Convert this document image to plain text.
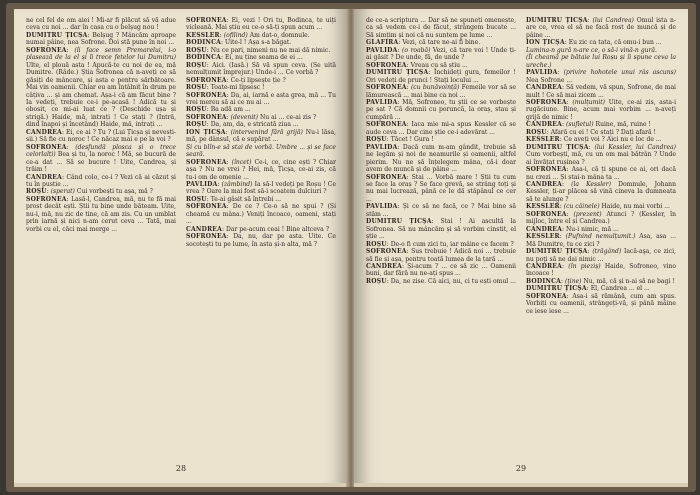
ne cel fel de om aiei ! Mi-ar fi plăcut să vă adue ceva cu noi ... dar în casa cu o belșug nou !

DUMITRU ȚICȘA: Belșug ? Mâncăm aproape numai pâine, nea Sofrone. Doi stă pune în noi ...

SOFRONEA: (îi face semn Premarelui, i-o plasează de la el și îi trece fetelor lui Dumitru) Ulte, el plouă asta ! Apucă-te cu noi de ea, mă Dumitre. (Râde.) Știa Sofronea că n-aveți ce să găsiți de mâncare, și asta e pentru sărbătoare. Mai vin oamenii. Chiar eu am întâlnit în drum pe câțiva ... și am chemat. Așa-i că am făcut bine ? Ia vedeți, trebuie ce-i pe-acasă ! Adică tu și obosit, ce mi-ai luat ce ? (Deschide ușa și strigă.) Haide, mă, intrați ! Ce stați ? (Intră, dind înapoi și încetând) Haide, mă, intrați ...

CANDREA: Ei, ce ai ? Tu ? (Lui Țicșa și nevesti-sii.) Să fie cu noroc ! Ce năcaz mai e pe la voi ?

SOFRONEA: (desfundă plosca și o trece celorlalți) Bea și tu, la noroc ! Mă, se bucură de ce-a dat ... Să se bucure ! Uite, Candrea, și trăim !

CANDREA: Când colo, ce-i ? Vezi că ai căzut și tu în pustie ...

ROȘU: (sperat) Cui vorbești tu așa, mă ?

SOFRONEA: Lasă-l, Candrea, mă, nu te fă mai prost decât ești. Știi tu bine unde băteam. Uite, nu-i, mă, nu zic de tine, că am zis. Cu un umblat prin iarnă și nici n-am cerut ceva ... Tată, mai vorbi cu el, căci mai merge ...

SOFRONEA: Ei, vezi ! Ori tu, Bodinca, te uiți vicleană. Mai știu eu ce-o să-ți spun acum ...

KESSLER: (ofilind) Am dat-o, domnule.

BODINCA: Uite-l ! Așa s-a băgat.

ROȘU: Nu ce pari, nimeni nu ne mai dă nimic.

BODINCA: Ei, nu ține seama de ei ...

ROȘU: Aici. (Iasă.) Să vă spun ceva. (Se uită nemulțumit împrejur.) Unde-i ... Ce vorbă ?

SOFRONEA: Ce-ți lipsește ție ?

ROȘU: Toate-mi lipsesc !

SOFRONEA: Da, ai, iarnă e asta grea, mă ... Tu vrei mereu să ai ce nu ai ...

ROȘU: Ba adă am ...

SOFRONEA: (devenit) Nu ai ... ce-ai zis ?

ROȘU: Da, am, da, e stricată ziua ...

ION ȚICȘA: (intervenind fără grijă) Nu-i lăsa, mă, pe dânsul, că e supărat ...

Și cu blîn-e să stai de vorbă. Umbre ... și se face seară.

SOFRONEA: (încet) Ce-i, ce, cine ești ? Chiar așa ? Nu ne vrei ? Hei, mă, Țicșa, ce-ai zis, că tu-i om de omenie ...

PAVLIDA: (zâmbind) Ia să-l vedeți pe Roșu ! Ce vrea ? Oare la mai fost să-i scoatem dulciuri ?

ROȘU: Te-ai gâsit să întrebi ...

SOFRONEA: De ce ? Ce-o să ne spui ? (Și cheamă cu mâna.) Veniți încoace, oameni, stați ...

CANDREA: Dar pe-acum ceai ! Bine altceva ?

SOFRONEA: Da, nu, dar pe asta. Uite. Ce socotești tu pe lume, în asta și-n alta, mă ?

28

de ce-a scriptura ... Dar să ne spuneți omenește, ca să vedem ce-i de făcut, strângem bucate ... Să simțim și noi că nu suntem pe lume ...

GLAFIRA: Vezi, că tare ne-ai fi bine.

PAVLIDA: (o roabă) Vezi, că tare voi ! Unde ți-ai găsit ? De unde, fă, de unde ?

SOFRONEA: Vreau cu să știu ...

DUMITRU ȚICȘA: Închideți gura, femeilor ! Ori vedeți de prunci ! Stați locului ...

SOFRONEA: (cu bunăvoință) Femeile vor să se lămurească ... mai bine ca noi ...

PAVLIDA: Mă, Sofroneo, tu știi ce se vorbește pe sat ? Că domnii cu poruncă, la oraș, stau și cumpără ...

SOFRONEA: Iaca mie mi-a spus Kessler că se aude ceva ... Dar cine știe ce-i adevărat ...

ROȘU: Tăcet ! Gura !

PAVLIDA: Dacă cum m-am gândit, trebuie să ne legăm și noi de neamurile și oamenii, altfel pierim. Nu ne să înțelegem mâna, că-i doar avem de muncă și de pâine ...

SOFRONEA: Stai ... Vorbă mare ! Știi tu cum se face la oraș ? Se face grevă, se strâng toți și nu mai lucrează, până ce le dă stăpânul ce cer ...

PAVLIDA: Și ce să ne facă, ce ? Mai bine să stăm ...

DUMITRU ȚICȘA: Stai ! Ai ascultă la Sofronea. Să nu mâncăm și să vorbim cinstit, el știe ...

ROȘU: De-o fi cum zici tu, iar mâine ce facem ?

SOFRONEA: Sus trebuie ! Adică noi ... trebuie să fie și așa, pentru toată lumea de la țară ...

CANDREA: Și-acum ? ... ce să zic ... Oamenii buni, dar fără nu ne-ați spus ...

ROȘU: Da, ne zise. Că aici, nu, ci tu ești omul ...

DUMITRU ȚICȘA: (lui Candrea) Omul ista n-are ce, vrea el să ne facă rost de muncă și de pâine ...

ION ȚICȘA: Eu zic ca tata, că omu-i bun ...

Lumina-n gură n-are ce, o să-i vină-n gură.

(Îi cheamă pe bătaie lui Roșu și îi spune ceva la ureche.)

PAVLIDA: (privire hohotele unui râs ascuns) Nea Sofrone ...

CANDREA: Să vedem, vă spun, Sofrone, de mai mult ! Ce să mai zicem ...

SOFRONEA: (mulțumit) Uite, ce-ai zis, asta-i rugăciune. Bine, acum mai vorbim ... n-aveți grijă de nimic !

CANDREA: (sufletul) Ruine, mă, ruine !

ROȘU: Afară cu ei ! Ce stați ? Dați afară !

KESSLER: Ce aveți voi ? Aici nu e loc de ...

DUMITRU ȚICȘA: (lui Kessler, lui Candrea) Cum vorbești, mă, cu un om mai bătrân ? Unde ai învățat rușinea ?

SOFRONEA: Asa-i, că ți spune ce ai, ori dacă nu crezi ... Și stai-n mâna ta ...

CANDREA: (la Kessler) Domnule, Johann Kessler, ți-ar plăcea să vină cineva la dumneata să te alunge ?

KESSLER: (cu câinele) Haide, nu mai vorbi ...

SOFRONEA: (prezent) Atunci ? (Kessler, în mijloc, între el și Candrea.)

CANDREA: Nu-i nimic, mă ...

KESSLER: (Pufnind nemulțumit.) Asa, asa ... Mă Dumitre, tu ce zici ?

DUMITRU ȚICȘA: (trăgând) Iacă-aşa, ce zici, nu poţi să ne dai nimic ...

CANDREA: (în pieziș) Haide, Sofroneo, vino încoace !

BODINCA: (ţine) Nu, mă, că și n-ai să ne bagi !

DUMITRU ȚICȘA: El, Candrea ... el ...

SOFRONEA: Asa-i să rămână, cum am spus. Vorbiți cu oamenii, strângeți-vă, și până mâine ce iese iese ...

29
